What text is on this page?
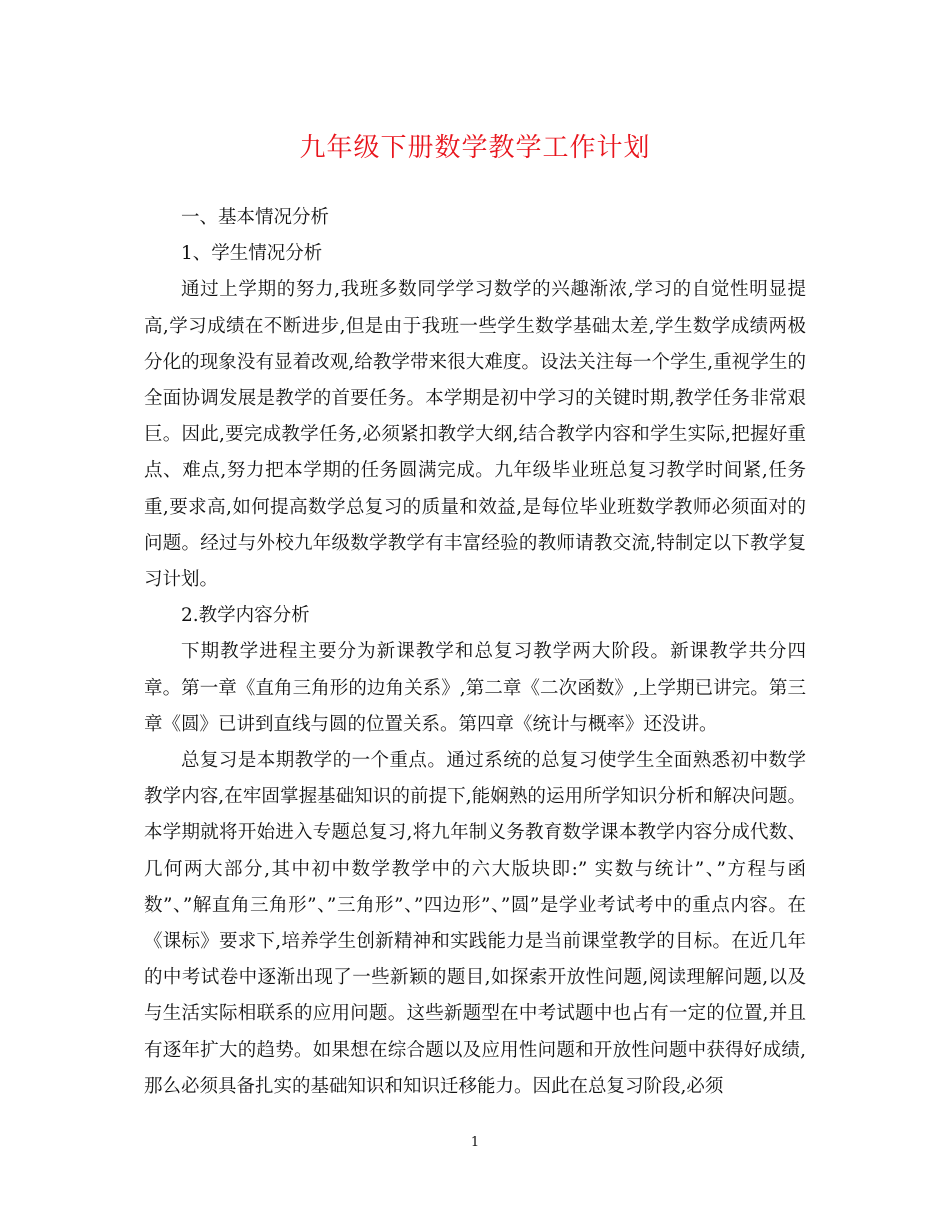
九年级下册数学教学工作计划

一、基本情况分析

1、学生情况分析

通过上学期的努力,我班多数同学学习数学的兴趣渐浓,学习的自觉性明显提高,学习成绩在不断进步,但是由于我班一些学生数学基础太差,学生数学成绩两极分化的现象没有显着改观,给教学带来很大难度。设法关注每一个学生,重视学生的全面协调发展是教学的首要任务。本学期是初中学习的关键时期,教学任务非常艰巨。因此,要完成教学任务,必须紧扣教学大纲,结合教学内容和学生实际,把握好重点、难点,努力把本学期的任务圆满完成。九年级毕业班总复习教学时间紧,任务重,要求高,如何提高数学总复习的质量和效益,是每位毕业班数学教师必须面对的问题。经过与外校九年级数学教学有丰富经验的教师请教交流,特制定以下教学复习计划。

2.教学内容分析

下期教学进程主要分为新课教学和总复习教学两大阶段。新课教学共分四章。第一章《直角三角形的边角关系》,第二章《二次函数》,上学期已讲完。第三章《圆》已讲到直线与圆的位置关系。第四章《统计与概率》还没讲。

总复习是本期教学的一个重点。通过系统的总复习使学生全面熟悉初中数学教学内容,在牢固掌握基础知识的前提下,能娴熟的运用所学知识分析和解决问题。本学期就将开始进入专题总复习,将九年制义务教育数学课本教学内容分成代数、几何两大部分,其中初中数学教学中的六大版块即:” 实数与统计”、”方程与函数”、”解直角三角形”、”三角形”、”四边形”、”圆”是学业考试考中的重点内容。在《课标》要求下,培养学生创新精神和实践能力是当前课堂教学的目标。在近几年的中考试卷中逐渐出现了一些新颖的题目,如探索开放性问题,阅读理解问题,以及与生活实际相联系的应用问题。这些新题型在中考试题中也占有一定的位置,并且有逐年扩大的趋势。如果想在综合题以及应用性问题和开放性问题中获得好成绩,那么必须具备扎实的基础知识和知识迁移能力。因此在总复习阶段,必须

1
